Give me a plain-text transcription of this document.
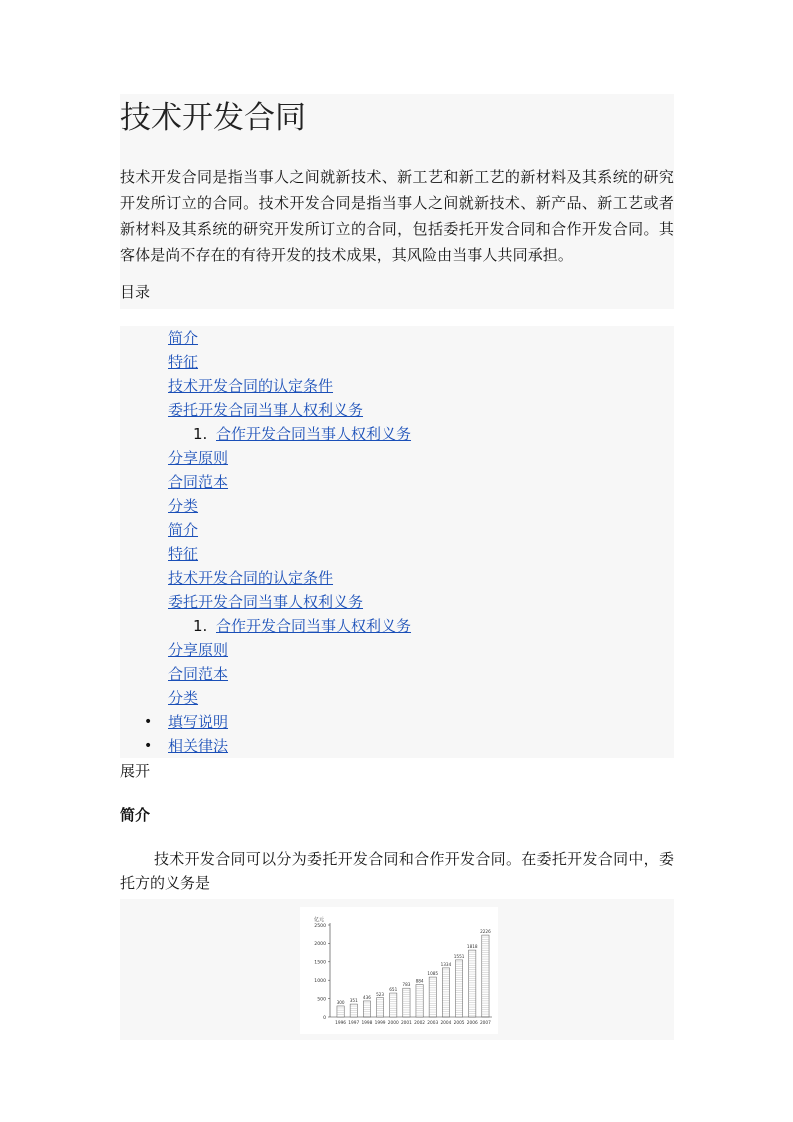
技术开发合同

技术开发合同是指当事人之间就新技术、新工艺和新工艺的新材料及其系统的研究开发所订立的合同。技术开发合同是指当事人之间就新技术、新产品、新工艺或者新材料及其系统的研究开发所订立的合同，包括委托开发合同和合作开发合同。其客体是尚不存在的有待开发的技术成果，其风险由当事人共同承担。

目录
简介
特征
技术开发合同的认定条件
委托开发合同当事人权利义务
1. 合作开发合同当事人权利义务
分享原则
合同范本
分类
简介
特征
技术开发合同的认定条件
委托开发合同当事人权利义务
1. 合作开发合同当事人权利义务
分享原则
合同范本
分类
• 填写说明
• 相关律法
展开
简介
技术开发合同可以分为委托开发合同和合作开发合同。在委托开发合同中，委托方的义务是
亿元
0
500
1000
1500
2000
2500
300
1996
351
1997
436
1998
523
1999
651
2000
783
2001
884
2002
1085
2003
1334
2004
1551
2005
1818
2006
2226
2007
